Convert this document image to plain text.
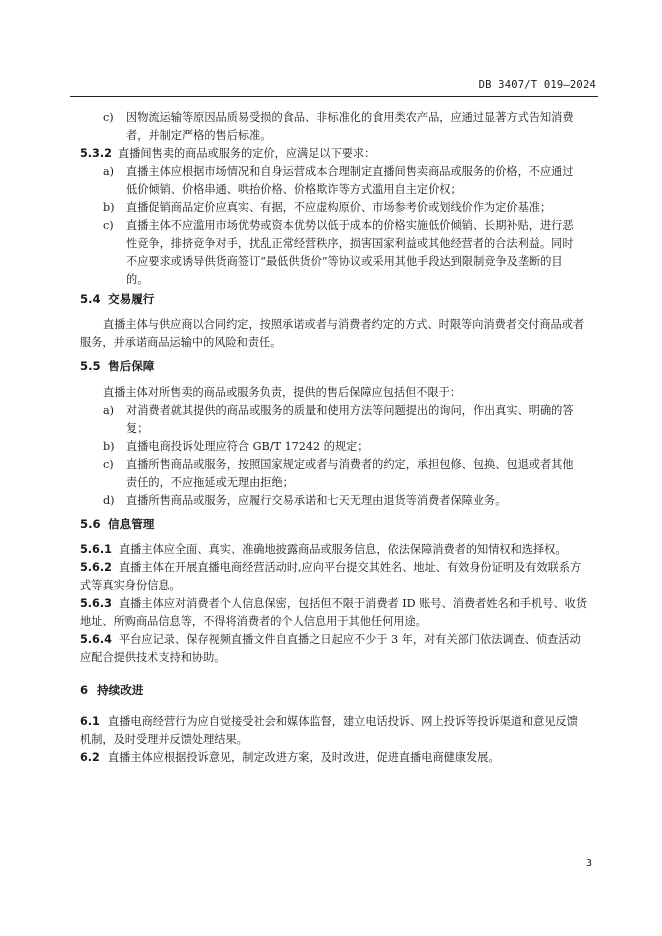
DB 3407/T 019—2024
c) 因物流运输等原因品质易受损的食品、非标准化的食用类农产品，应通过显著方式告知消费
者，并制定严格的售后标准。
5.3.2 直播间售卖的商品或服务的定价，应满足以下要求：
a) 直播主体应根据市场情况和自身运营成本合理制定直播间售卖商品或服务的价格，不应通过
低价倾销、价格串通、哄抬价格、价格欺诈等方式滥用自主定价权；
b) 直播促销商品定价应真实、有据，不应虚构原价、市场参考价或划线价作为定价基准；
c) 直播主体不应滥用市场优势或资本优势以低于成本的价格实施低价倾销、长期补贴，进行恶
性竞争，排挤竞争对手，扰乱正常经营秩序，损害国家利益或其他经营者的合法利益。同时
不应要求或诱导供货商签订“最低供货价”等协议或采用其他手段达到限制竞争及垄断的目
的。
5.4 交易履行
直播主体与供应商以合同约定，按照承诺或者与消费者约定的方式、时限等向消费者交付商品或者
服务，并承诺商品运输中的风险和责任。
5.5 售后保障
直播主体对所售卖的商品或服务负责，提供的售后保障应包括但不限于：
a) 对消费者就其提供的商品或服务的质量和使用方法等问题提出的询问，作出真实、明确的答
复；
b) 直播电商投诉处理应符合 GB/T 17242 的规定；
c) 直播所售商品或服务，按照国家规定或者与消费者的约定，承担包修、包换、包退或者其他
责任的，不应拖延或无理由拒绝；
d) 直播所售商品或服务，应履行交易承诺和七天无理由退货等消费者保障业务。
5.6 信息管理
5.6.1 直播主体应全面、真实、准确地披露商品或服务信息，依法保障消费者的知情权和选择权。
5.6.2 直播主体在开展直播电商经营活动时,应向平台提交其姓名、地址、有效身份证明及有效联系方
式等真实身份信息。
5.6.3 直播主体应对消费者个人信息保密，包括但不限于消费者 ID 账号、消费者姓名和手机号、收货
地址、所购商品信息等，不得将消费者的个人信息用于其他任何用途。
5.6.4 平台应记录、保存视频直播文件自直播之日起应不少于 3 年，对有关部门依法调查、侦查活动
应配合提供技术支持和协助。
6 持续改进
6.1 直播电商经营行为应自觉接受社会和媒体监督，建立电话投诉、网上投诉等投诉渠道和意见反馈
机制，及时受理并反馈处理结果。
6.2 直播主体应根据投诉意见，制定改进方案，及时改进，促进直播电商健康发展。
3
